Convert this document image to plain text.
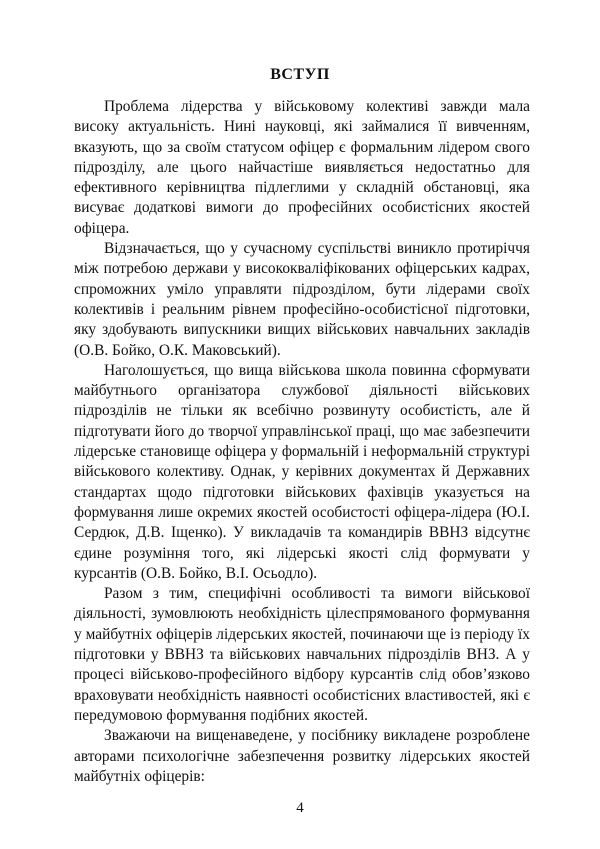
ВСТУП

Проблема лідерства у військовому колективі завжди мала високу актуальність. Нині науковці, які займалися її вивченням, вказують, що за своїм статусом офіцер є формальним лідером свого підрозділу, але цього найчастіше виявляється недостатньо для ефективного керівництва підлеглими у складній обстановці, яка висуває додаткові вимоги до професійних особистісних якостей офіцера.

Відзначається, що у сучасному суспільстві виникло протиріччя між потребою держави у висококваліфікованих офіцерських кадрах, спроможних уміло управляти підрозділом, бути лідерами своїх колективів і реальним рівнем професійно-особистісної підготовки, яку здобувають випускники вищих військових навчальних закладів (О.В. Бойко, О.К. Маковський).

Наголошується, що вища військова школа повинна сформувати майбутнього організатора службової діяльності військових підрозділів не тільки як всебічно розвинуту особистість, але й підготувати його до творчої управлінської праці, що має забезпечити лідерське становище офіцера у формальній і неформальній структурі військового колективу. Однак, у керівних документах й Державних стандартах щодо підготовки військових фахівців указується на формування лише окремих якостей особистості офіцера-лідера (Ю.І. Сердюк, Д.В. Іщенко). У викладачів та командирів ВВНЗ відсутнє єдине розуміння того, які лідерські якості слід формувати у курсантів (О.В. Бойко, В.І. Осьодло).

Разом з тим, специфічні особливості та вимоги військової діяльності, зумовлюють необхідність цілеспрямованого формування у майбутніх офіцерів лідерських якостей, починаючи ще із періоду їх підготовки у ВВНЗ та військових навчальних підрозділів ВНЗ. А у процесі військово-професійного відбору курсантів слід обов’язково враховувати необхідність наявності особистісних властивостей, які є передумовою формування подібних якостей.

Зважаючи на вищенаведене, у посібнику викладене розроблене авторами психологічне забезпечення розвитку лідерських якостей майбутніх офіцерів:

4
